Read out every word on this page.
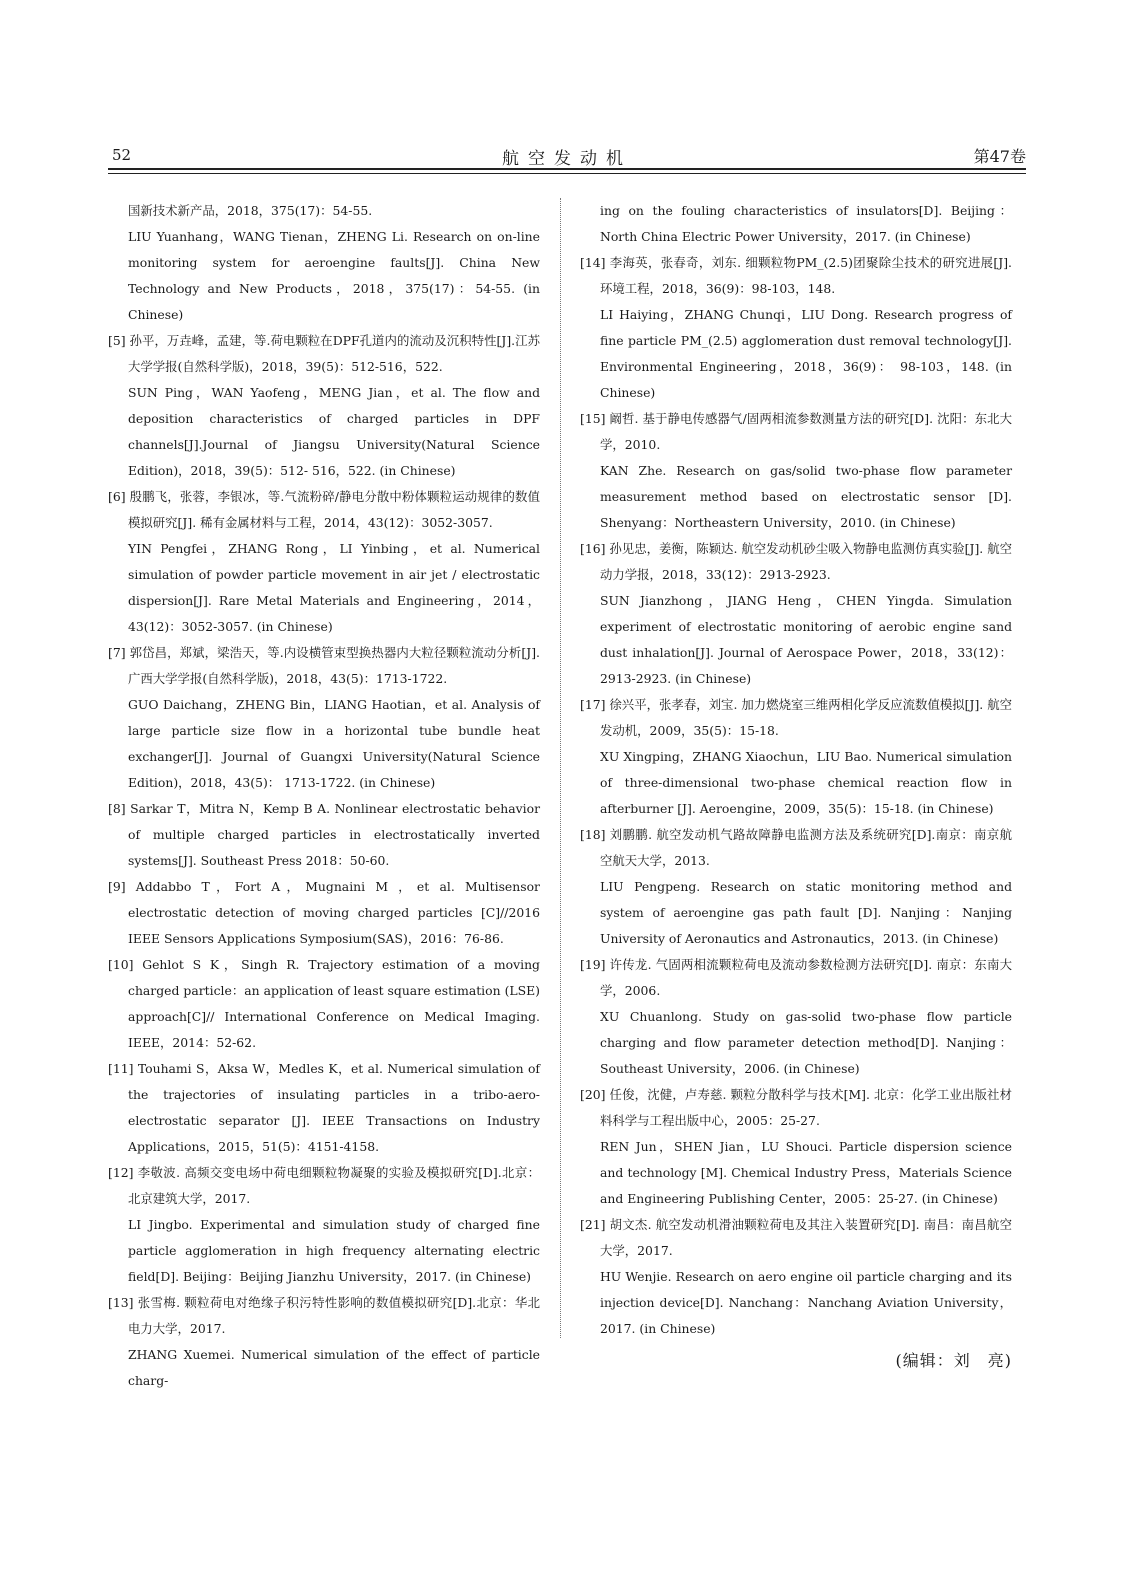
52	航空发动机	第47卷

国新技术新产品，2018，375(17)：54-55.

LIU Yuanhang，WANG Tienan，ZHENG Li. Research on on-line monitoring system for aeroengine faults[J]. China New Technology and New Products，2018，375(17)：54-55. (in Chinese)

[5] 孙平，万垚峰，孟建，等.荷电颗粒在DPF孔道内的流动及沉积特性[J].江苏大学学报(自然科学版)，2018，39(5)：512-516，522.

SUN Ping，WAN Yaofeng，MENG Jian，et al. The flow and deposition characteristics of charged particles in DPF channels[J].Journal of Jiangsu University(Natural Science Edition)，2018，39(5)：512- 516，522. (in Chinese)

[6] 殷鹏飞，张蓉，李银冰，等.气流粉碎/静电分散中粉体颗粒运动规律的数值模拟研究[J]. 稀有金属材料与工程，2014，43(12)：3052-3057.

YIN Pengfei，ZHANG Rong，LI Yinbing，et al. Numerical simulation of powder particle movement in air jet / electrostatic dispersion[J]. Rare Metal Materials and Engineering，2014，43(12)：3052-3057. (in Chinese)

[7] 郭岱昌，郑斌，梁浩天，等.内设横管束型换热器内大粒径颗粒流动分析[J].广西大学学报(自然科学版)，2018，43(5)：1713-1722.

GUO Daichang，ZHENG Bin，LIANG Haotian，et al. Analysis of large particle size flow in a horizontal tube bundle heat exchanger[J]. Journal of Guangxi University(Natural Science Edition)，2018，43(5)： 1713-1722. (in Chinese)

[8] Sarkar T，Mitra N，Kemp B A. Nonlinear electrostatic behavior of multiple charged particles in electrostatically inverted systems[J]. Southeast Press 2018：50-60.

[9] Addabbo T，Fort A，Mugnaini M ，et al. Multisensor electrostatic detection of moving charged particles [C]//2016 IEEE Sensors Applications Symposium(SAS)，2016：76-86.

[10] Gehlot S K，Singh R. Trajectory estimation of a moving charged particle：an application of least square estimation (LSE) approach[C]// International Conference on Medical Imaging. IEEE，2014：52-62.

[11] Touhami S，Aksa W，Medles K，et al. Numerical simulation of the trajectories of insulating particles in a tribo-aero-electrostatic separator [J]. IEEE Transactions on Industry Applications，2015，51(5)：4151-4158.

[12] 李敬波. 高频交变电场中荷电细颗粒物凝聚的实验及模拟研究[D].北京：北京建筑大学，2017.

LI Jingbo. Experimental and simulation study of charged fine particle agglomeration in high frequency alternating electric field[D]. Beijing：Beijing Jianzhu University，2017. (in Chinese)

[13] 张雪梅. 颗粒荷电对绝缘子积污特性影响的数值模拟研究[D].北京：华北电力大学，2017.

ZHANG Xuemei. Numerical simulation of the effect of particle charg-

ing on the fouling characteristics of insulators[D]. Beijing：North China Electric Power University，2017. (in Chinese)

[14] 李海英，张春奇，刘东. 细颗粒物PM_(2.5)团聚除尘技术的研究进展[J]. 环境工程，2018，36(9)：98-103，148.

LI Haiying，ZHANG Chunqi，LIU Dong. Research progress of fine particle PM_(2.5) agglomeration dust removal technology[J]. Environmental Engineering，2018，36(9)： 98-103，148. (in Chinese)

[15] 阚哲. 基于静电传感器气/固两相流参数测量方法的研究[D]. 沈阳：东北大学，2010.

KAN Zhe. Research on gas/solid two-phase flow parameter measurement method based on electrostatic sensor [D]. Shenyang：Northeastern University，2010. (in Chinese)

[16] 孙见忠，姜衡，陈颖达. 航空发动机砂尘吸入物静电监测仿真实验[J]. 航空动力学报，2018，33(12)：2913-2923.

SUN Jianzhong，JIANG Heng，CHEN Yingda. Simulation experiment of electrostatic monitoring of aerobic engine sand dust inhalation[J]. Journal of Aerospace Power，2018，33(12)：2913-2923. (in Chinese)

[17] 徐兴平，张孝春，刘宝. 加力燃烧室三维两相化学反应流数值模拟[J]. 航空发动机，2009，35(5)：15-18.

XU Xingping，ZHANG Xiaochun，LIU Bao. Numerical simulation of three-dimensional two-phase chemical reaction flow in afterburner [J]. Aeroengine，2009，35(5)：15-18. (in Chinese)

[18] 刘鹏鹏. 航空发动机气路故障静电监测方法及系统研究[D].南京：南京航空航天大学，2013.

LIU Pengpeng. Research on static monitoring method and system of aeroengine gas path fault [D]. Nanjing：Nanjing University of Aeronautics and Astronautics，2013. (in Chinese)

[19] 许传龙. 气固两相流颗粒荷电及流动参数检测方法研究[D]. 南京：东南大学，2006.

XU Chuanlong. Study on gas-solid two-phase flow particle charging and flow parameter detection method[D]. Nanjing：Southeast University，2006. (in Chinese)

[20] 任俊，沈健，卢寿慈. 颗粒分散科学与技术[M]. 北京：化学工业出版社材料科学与工程出版中心，2005：25-27.

REN Jun，SHEN Jian，LU Shouci. Particle dispersion science and technology [M]. Chemical Industry Press，Materials Science and Engineering Publishing Center，2005：25-27. (in Chinese)

[21] 胡文杰. 航空发动机滑油颗粒荷电及其注入装置研究[D]. 南昌：南昌航空大学，2017.

HU Wenjie. Research on aero engine oil particle charging and its injection device[D]. Nanchang：Nanchang Aviation University，2017. (in Chinese)

(编辑：刘　亮)
